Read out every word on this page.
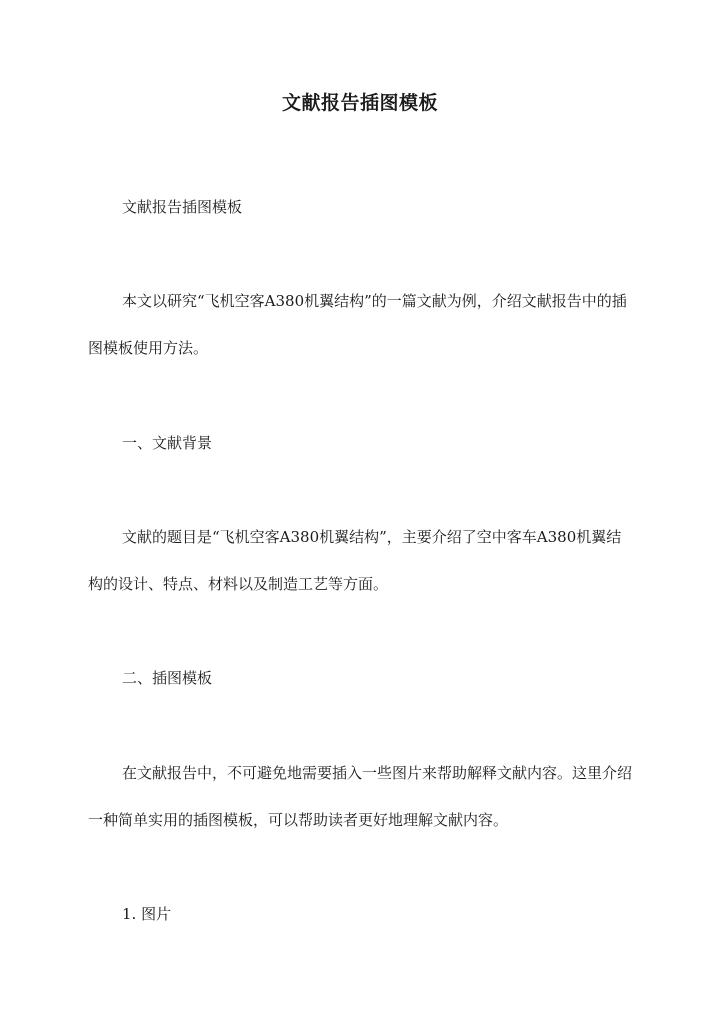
文献报告插图模板

文献报告插图模板

本文以研究“飞机空客A380机翼结构”的一篇文献为例，介绍文献报告中的插图模板使用方法。

一、文献背景

文献的题目是“飞机空客A380机翼结构”，主要介绍了空中客车A380机翼结构的设计、特点、材料以及制造工艺等方面。

二、插图模板

在文献报告中，不可避免地需要插入一些图片来帮助解释文献内容。这里介绍一种简单实用的插图模板，可以帮助读者更好地理解文献内容。

1. 图片
